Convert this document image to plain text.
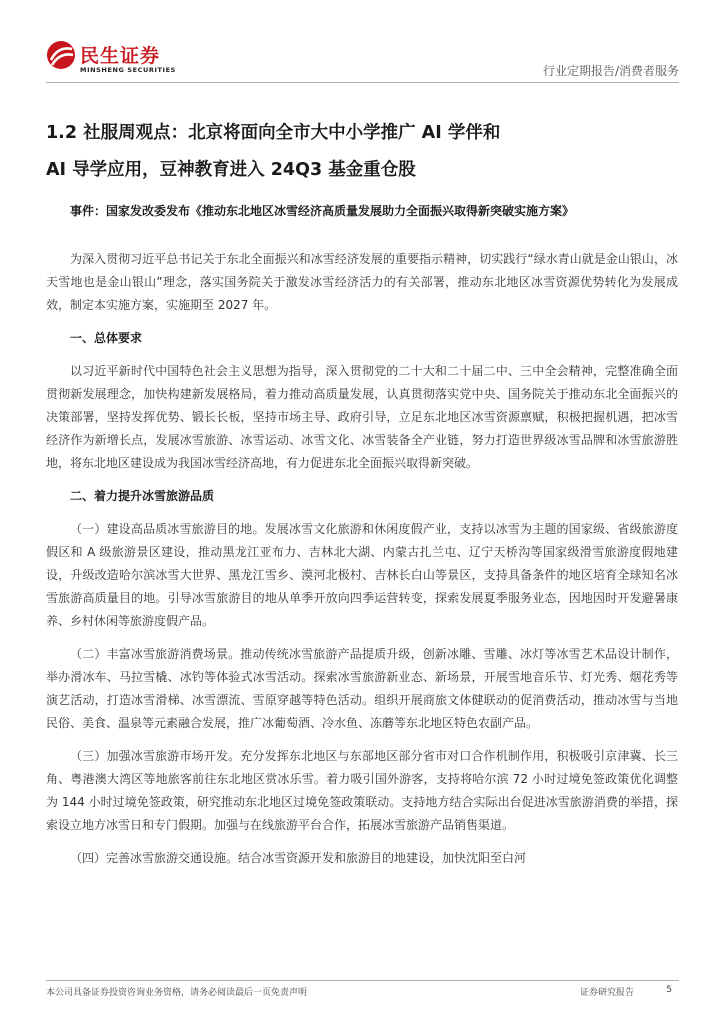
民生证券
MINSHENG SECURITIES	行业定期报告/消费者服务
1.2 社服周观点：北京将面向全市大中小学推广 AI 学伴和
AI 导学应用，豆神教育进入 24Q3 基金重仓股

事件：国家发改委发布《推动东北地区冰雪经济高质量发展助力全面振兴取得新突破实施方案》

为深入贯彻习近平总书记关于东北全面振兴和冰雪经济发展的重要指示精神，切实践行“绿水青山就是金山银山，冰天雪地也是金山银山”理念，落实国务院关于激发冰雪经济活力的有关部署，推动东北地区冰雪资源优势转化为发展成效，制定本实施方案，实施期至 2027 年。

一、总体要求

以习近平新时代中国特色社会主义思想为指导，深入贯彻党的二十大和二十届二中、三中全会精神，完整准确全面贯彻新发展理念，加快构建新发展格局，着力推动高质量发展，认真贯彻落实党中央、国务院关于推动东北全面振兴的决策部署，坚持发挥优势、锻长长板，坚持市场主导、政府引导，立足东北地区冰雪资源禀赋，积极把握机遇，把冰雪经济作为新增长点，发展冰雪旅游、冰雪运动、冰雪文化、冰雪装备全产业链，努力打造世界级冰雪品牌和冰雪旅游胜地，将东北地区建设成为我国冰雪经济高地，有力促进东北全面振兴取得新突破。

二、着力提升冰雪旅游品质

（一）建设高品质冰雪旅游目的地。发展冰雪文化旅游和休闲度假产业，支持以冰雪为主题的国家级、省级旅游度假区和 A 级旅游景区建设，推动黑龙江亚布力、吉林北大湖、内蒙古扎兰屯、辽宁天桥沟等国家级滑雪旅游度假地建设，升级改造哈尔滨冰雪大世界、黑龙江雪乡、漠河北极村、吉林长白山等景区，支持具备条件的地区培育全球知名冰雪旅游高质量目的地。引导冰雪旅游目的地从单季开放向四季运营转变，探索发展夏季服务业态，因地因时开发避暑康养、乡村休闲等旅游度假产品。

（二）丰富冰雪旅游消费场景。推动传统冰雪旅游产品提质升级，创新冰雕、雪雕、冰灯等冰雪艺术品设计制作，举办滑冰车、马拉雪橇、冰钓等体验式冰雪活动。探索冰雪旅游新业态、新场景，开展雪地音乐节、灯光秀、烟花秀等演艺活动，打造冰雪滑梯、冰雪漂流、雪原穿越等特色活动。组织开展商旅文体健联动的促消费活动，推动冰雪与当地民俗、美食、温泉等元素融合发展，推广冰葡萄酒、冷水鱼、冻蘑等东北地区特色农副产品。

（三）加强冰雪旅游市场开发。充分发挥东北地区与东部地区部分省市对口合作机制作用，积极吸引京津冀、长三角、粤港澳大湾区等地旅客前往东北地区赏冰乐雪。着力吸引国外游客，支持将哈尔滨 72 小时过境免签政策优化调整为 144 小时过境免签政策，研究推动东北地区过境免签政策联动。支持地方结合实际出台促进冰雪旅游消费的举措，探索设立地方冰雪日和专门假期。加强与在线旅游平台合作，拓展冰雪旅游产品销售渠道。

（四）完善冰雪旅游交通设施。结合冰雪资源开发和旅游目的地建设，加快沈阳至白河

本公司具备证券投资咨询业务资格，请务必阅读最后一页免责声明	证券研究报告	5
